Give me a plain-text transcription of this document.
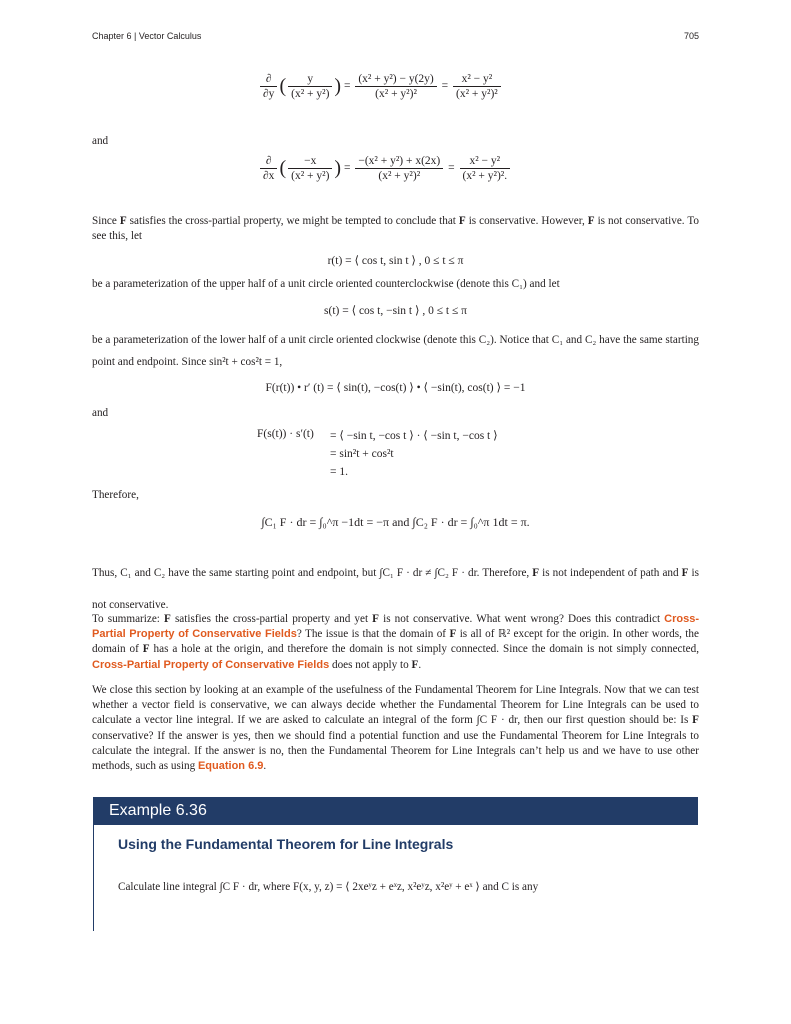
Chapter 6 | Vector Calculus	705
$\frac{\partial}{\partial y}$ ( $\frac{y}{\text{(x² + y²)}}$ ) = $\frac{\text{(x² + y²) − y(2y)}}{\text{(x² + y²)²}} = \frac{\text{x² − y²}}{\text{(x² + y²)²}}$
and
$\frac{\partial}{\partial x}$ ( $\frac{-x}{\text{(x² + y²)}}$ ) = $\frac{\text{−(x² + y²) + x(2x)}}{\text{(x² + y²)²}} = \frac{\text{x² − y²}}{\text{(x² + y²)².}}$
Since F satisfies the cross-partial property, we might be tempted to conclude that F is conservative. However, F is not conservative. To see this, let
r(t) = ⟨ cos t, sin t ⟩ , 0 ≤ t ≤ π
be a parameterization of the upper half of a unit circle oriented counterclockwise (denote this C₁) and let
s(t) = ⟨ cos t, −sin t ⟩ , 0 ≤ t ≤ π
be a parameterization of the lower half of a unit circle oriented clockwise (denote this C₂). Notice that C₁ and C₂ have the same starting point and endpoint. Since sin²t + cos²t = 1,
F(r(t)) • r′ (t) = ⟨ sin(t), −cos(t) ⟩ • ⟨ −sin(t), cos(t) ⟩ = −1
and
F(s(t)) · s′(t) = ⟨ −sin t, −cos t ⟩ · ⟨ −sin t, −cos t ⟩
= sin²t + cos²t
= 1.
Therefore,
∫C₁ F · dr = ∫₀^π −1dt = −π and ∫C₂ F · dr = ∫₀^π 1dt = π.
Thus, C₁ and C₂ have the same starting point and endpoint, but ∫C₁ F · dr ≠ ∫C₂ F · dr. Therefore, F is not independent of path and F is not conservative.
To summarize: F satisfies the cross-partial property and yet F is not conservative. What went wrong? Does this contradict Cross-Partial Property of Conservative Fields? The issue is that the domain of F is all of ℝ² except for the origin. In other words, the domain of F has a hole at the origin, and therefore the domain is not simply connected. Since the domain is not simply connected, Cross-Partial Property of Conservative Fields does not apply to F.
We close this section by looking at an example of the usefulness of the Fundamental Theorem for Line Integrals. Now that we can test whether a vector field is conservative, we can always decide whether the Fundamental Theorem for Line Integrals can be used to calculate a vector line integral. If we are asked to calculate an integral of the form ∫C F · dr, then our first question should be: Is F conservative? If the answer is yes, then we should find a potential function and use the Fundamental Theorem for Line Integrals to calculate the integral. If the answer is no, then the Fundamental Theorem for Line Integrals can’t help us and we have to use other methods, such as using Equation 6.9.
Example 6.36
Using the Fundamental Theorem for Line Integrals
Calculate line integral ∫C F · dr, where F(x, y, z) = ⟨ 2xeʸz + eˣz, x²eʸz, x²eʸ + eˣ ⟩ and C is any
